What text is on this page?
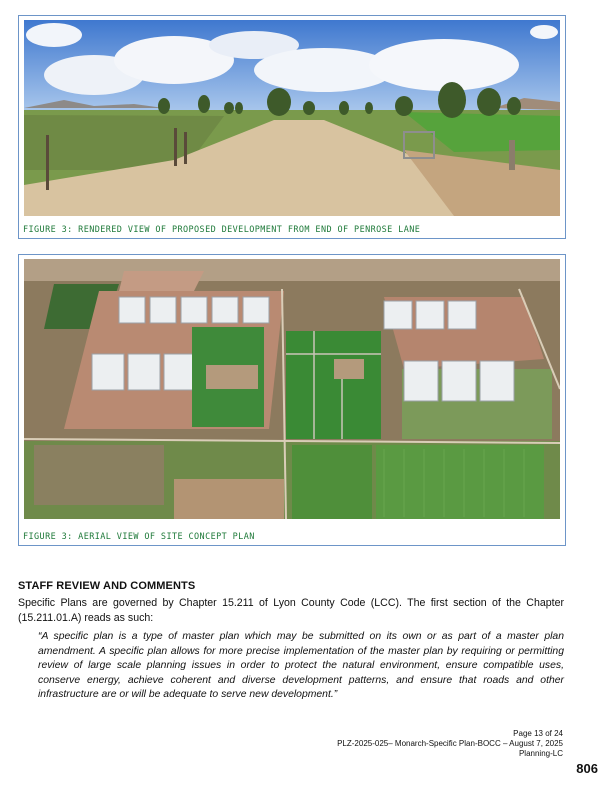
FIGURE 3: RENDERED VIEW OF PROPOSED DEVELOPMENT FROM END OF PENROSE LANE
FIGURE 3: AERIAL VIEW OF SITE CONCEPT PLAN
STAFF REVIEW AND COMMENTS
Specific Plans are governed by Chapter 15.211 of Lyon County Code (LCC). The first section of the Chapter (15.211.01.A) reads as such:
“A specific plan is a type of master plan which may be submitted on its own or as part of a master plan amendment. A specific plan allows for more precise implementation of the master plan by requiring or permitting review of large scale planning issues in order to protect the natural environment, ensure compatible uses, conserve energy, achieve coherent and diverse development patterns, and ensure that roads and other infrastructure are or will be adequate to serve new development.”
Page 13 of 24
PLZ-2025-025– Monarch-Specific Plan-BOCC – August 7, 2025
Planning-LC
806
